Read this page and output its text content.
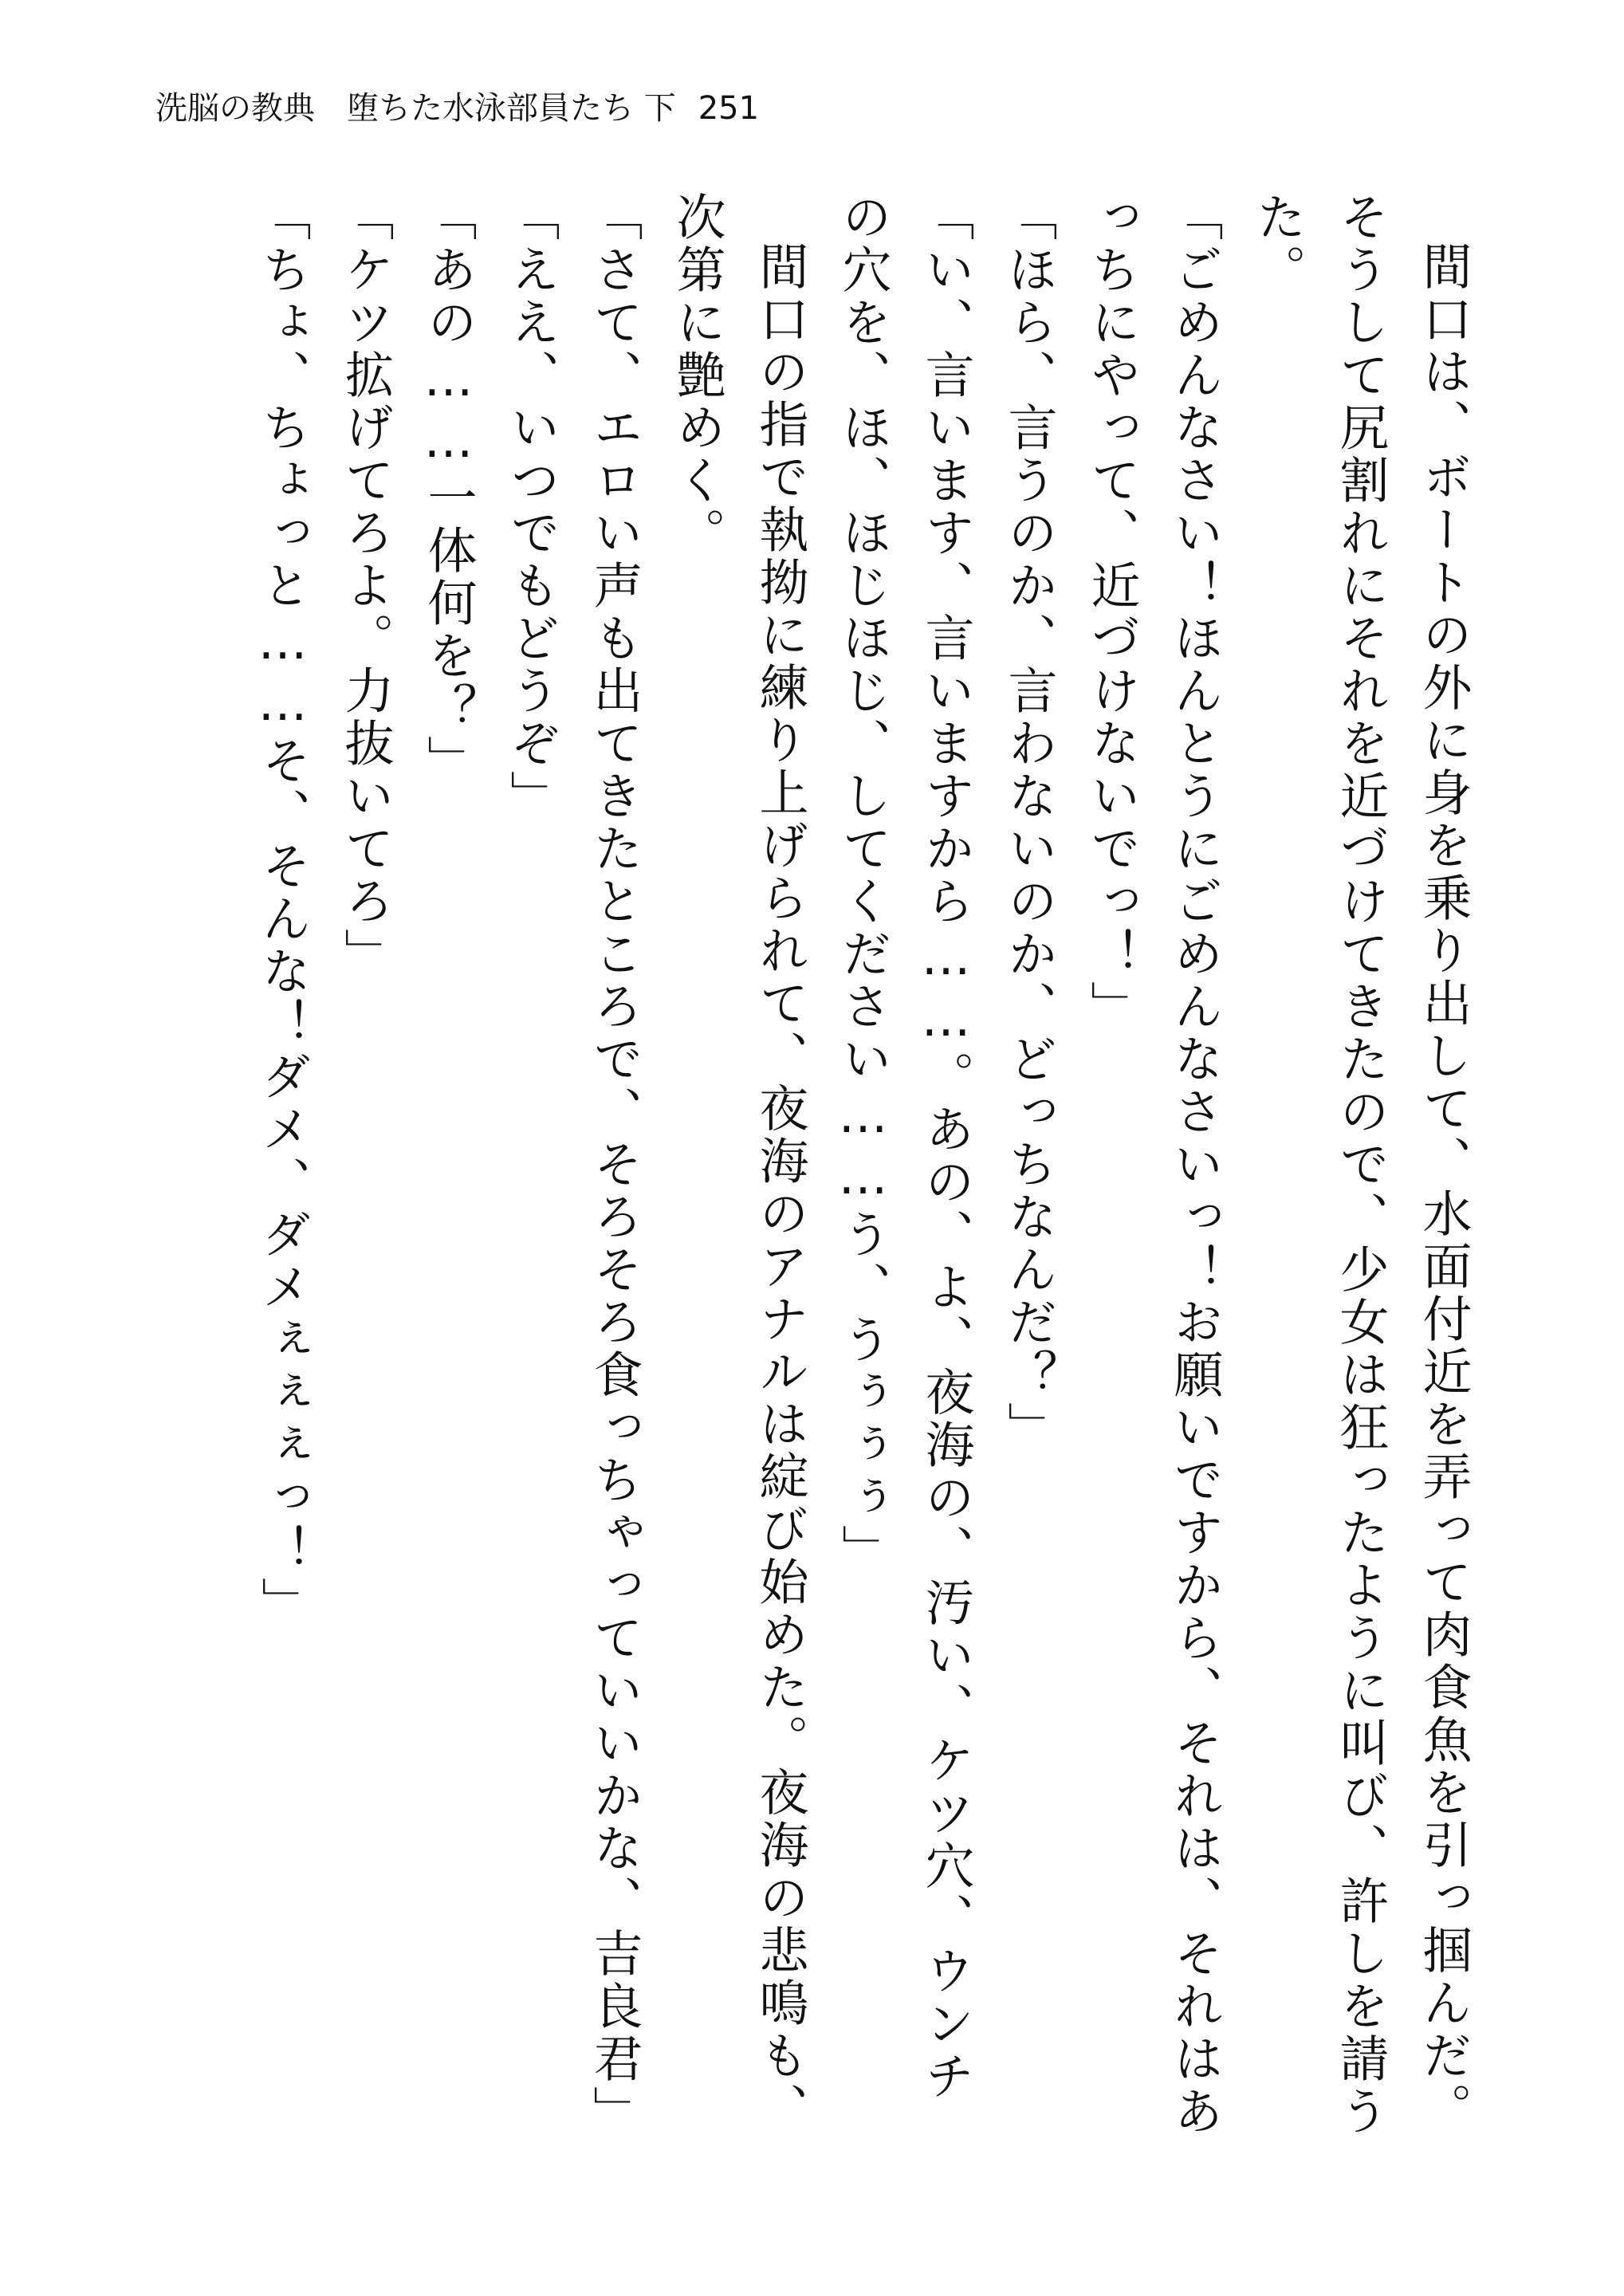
洗脳の教典　堕ちた水泳部員たち 下 251

間口は、ボートの外に身を乗り出して、水面付近を弄って肉食魚を引っ掴んだ。そうして尻割れにそれを近づけてきたので、少女は狂ったように叫び、許しを請うた。

「ごめんなさい！ほんとうにごめんなさいっ！お願いですから、それは、それはあっちにやって、近づけないでっ！」

「ほら、言うのか、言わないのか、どっちなんだ？」

「い、言います、言いますから……。あの、よ、夜海の、汚い、ケツ穴、ウンチの穴を、ほ、ほじほじ、してください……う、うぅぅぅ」

間口の指で執拗に練り上げられて、夜海のアナルは綻び始めた。夜海の悲鳴も、次第に艶めく。

「さて、エロい声も出てきたところで、そろそろ食っちゃっていいかな、吉良君」

「ええ、いつでもどうぞ」

「あの……一体何を？」

「ケツ拡げてろよ。力抜いてろ」

「ちょ、ちょっと……そ、そんな！ダメ、ダメぇぇぇっ！」
